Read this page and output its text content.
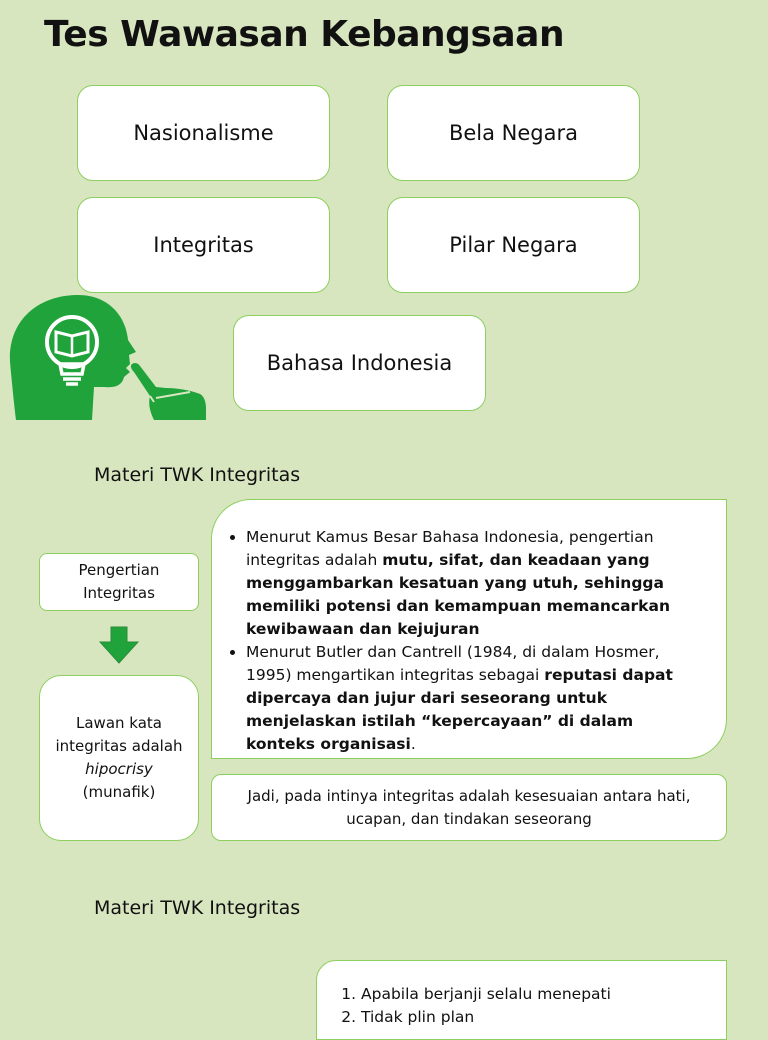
Tes Wawasan Kebangsaan
Nasionalisme	Bela Negara
Integritas	Pilar Negara
Bahasa Indonesia
Materi TWK Integritas
Pengertian
Integritas
Lawan kata
integritas adalah
hipocrisy
(munafik)
• Menurut Kamus Besar Bahasa Indonesia, pengertian integritas adalah mutu, sifat, dan keadaan yang menggambarkan kesatuan yang utuh, sehingga memiliki potensi dan kemampuan memancarkan kewibawaan dan kejujuran
• Menurut Butler dan Cantrell (1984, di dalam Hosmer, 1995) mengartikan integritas sebagai reputasi dapat dipercaya dan jujur dari seseorang untuk menjelaskan istilah “kepercayaan” di dalam konteks organisasi.
Jadi, pada intinya integritas adalah kesesuaian antara hati, ucapan, dan tindakan seseorang
Materi TWK Integritas
1. Apabila berjanji selalu menepati
2. Tidak plin plan
